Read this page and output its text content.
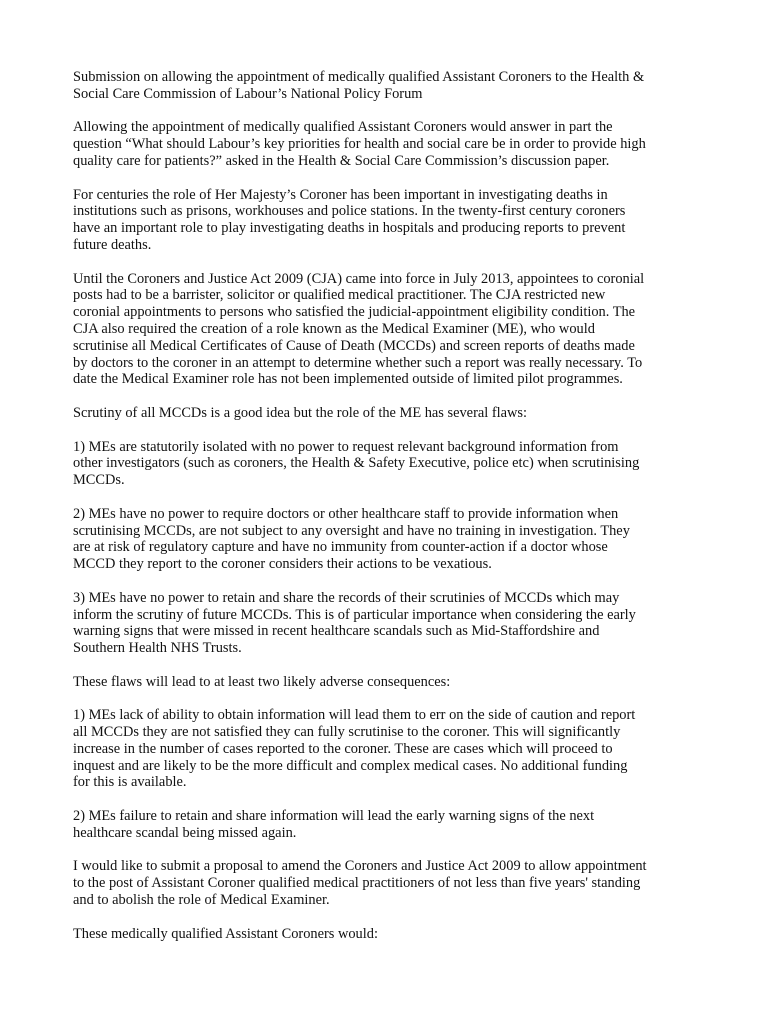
Submission on allowing the appointment of medically qualified Assistant Coroners to the Health &
Social Care Commission of Labour’s National Policy Forum

Allowing the appointment of medically qualified Assistant Coroners would answer in part the
question “What should Labour’s key priorities for health and social care be in order to provide high
quality care for patients?” asked in the Health & Social Care Commission’s discussion paper.

For centuries the role of Her Majesty’s Coroner has been important in investigating deaths in
institutions such as prisons, workhouses and police stations. In the twenty-first century coroners
have an important role to play investigating deaths in hospitals and producing reports to prevent
future deaths.

Until the Coroners and Justice Act 2009 (CJA) came into force in July 2013, appointees to coronial
posts had to be a barrister, solicitor or qualified medical practitioner. The CJA restricted new
coronial appointments to persons who satisfied the judicial-appointment eligibility condition. The
CJA also required the creation of a role known as the Medical Examiner (ME), who would
scrutinise all Medical Certificates of Cause of Death (MCCDs) and screen reports of deaths made
by doctors to the coroner in an attempt to determine whether such a report was really necessary. To
date the Medical Examiner role has not been implemented outside of limited pilot programmes.

Scrutiny of all MCCDs is a good idea but the role of the ME has several flaws:

1) MEs are statutorily isolated with no power to request relevant background information from
other investigators (such as coroners, the Health & Safety Executive, police etc) when scrutinising
MCCDs.

2) MEs have no power to require doctors or other healthcare staff to provide information when
scrutinising MCCDs, are not subject to any oversight and have no training in investigation. They
are at risk of regulatory capture and have no immunity from counter-action if a doctor whose
MCCD they report to the coroner considers their actions to be vexatious.

3) MEs have no power to retain and share the records of their scrutinies of MCCDs which may
inform the scrutiny of future MCCDs. This is of particular importance when considering the early
warning signs that were missed in recent healthcare scandals such as Mid-Staffordshire and
Southern Health NHS Trusts.

These flaws will lead to at least two likely adverse consequences:

1) MEs lack of ability to obtain information will lead them to err on the side of caution and report
all MCCDs they are not satisfied they can fully scrutinise to the coroner. This will significantly
increase in the number of cases reported to the coroner. These are cases which will proceed to
inquest and are likely to be the more difficult and complex medical cases. No additional funding
for this is available.

2) MEs failure to retain and share information will lead the early warning signs of the next
healthcare scandal being missed again.

I would like to submit a proposal to amend the Coroners and Justice Act 2009 to allow appointment
to the post of Assistant Coroner qualified medical practitioners of not less than five years' standing
and to abolish the role of Medical Examiner.

These medically qualified Assistant Coroners would:
